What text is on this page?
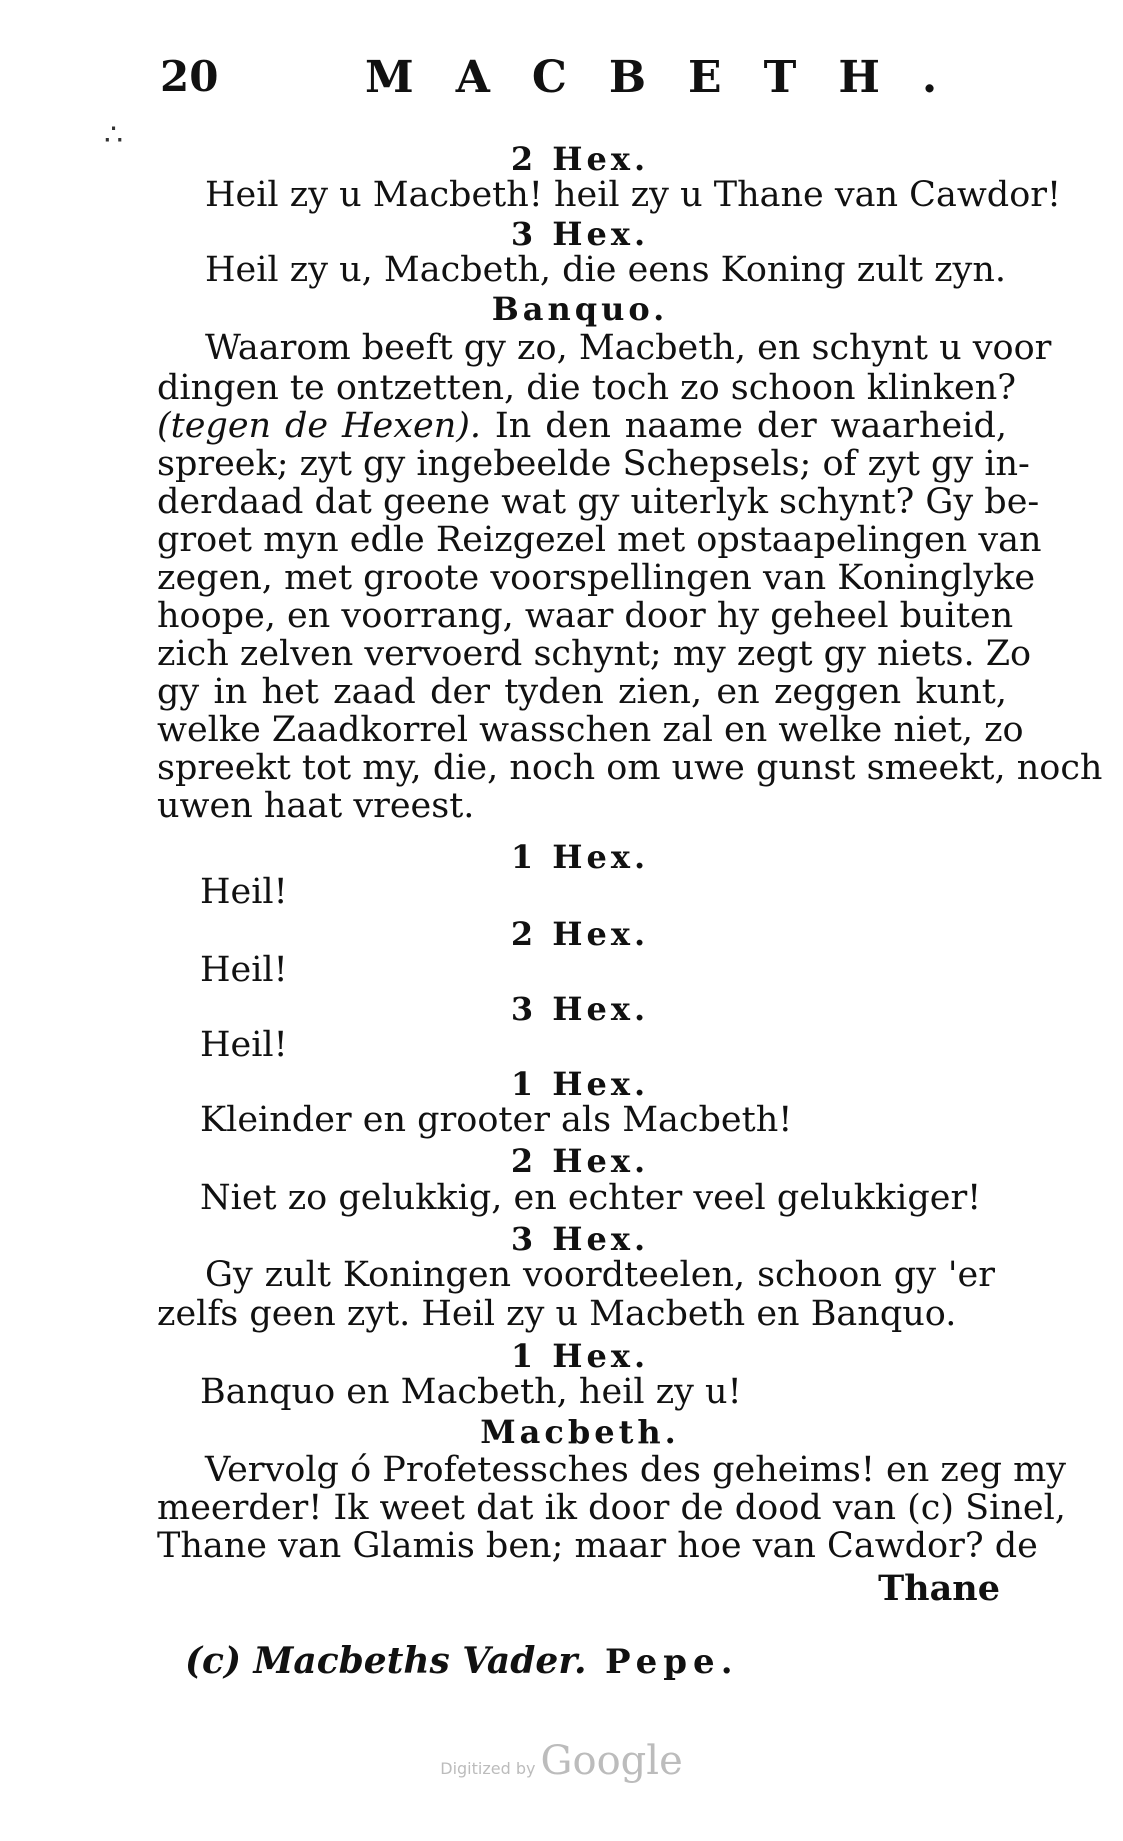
20	MACBETH.
∴
2 Hex.
Heil zy u Macbeth! heil zy u Thane van Cawdor!
3 Hex.
Heil zy u, Macbeth, die eens Koning zult zyn.
Banquo.
Waarom beeft gy zo, Macbeth, en schynt u voor
dingen te ontzetten, die toch zo schoon klinken?
(tegen de Hexen). In den naame der waarheid,
spreek; zyt gy ingebeelde Schepsels; of zyt gy in-
derdaad dat geene wat gy uiterlyk schynt? Gy be-
groet myn edle Reizgezel met opstaapelingen van
zegen, met groote voorspellingen van Koninglyke
hoope, en voorrang, waar door hy geheel buiten
zich zelven vervoerd schynt; my zegt gy niets. Zo
gy in het zaad der tyden zien, en zeggen kunt,
welke Zaadkorrel wasschen zal en welke niet, zo
spreekt tot my, die, noch om uwe gunst smeekt, noch
uwen haat vreest.
1 Hex.
Heil!
2 Hex.
Heil!
3 Hex.
Heil!
1 Hex.
Kleinder en grooter als Macbeth!
2 Hex.
Niet zo gelukkig, en echter veel gelukkiger!
3 Hex.
Gy zult Koningen voordteelen, schoon gy 'er
zelfs geen zyt. Heil zy u Macbeth en Banquo.
1 Hex.
Banquo en Macbeth, heil zy u!
Macbeth.
Vervolg ó Profetessches des geheims! en zeg my
meerder! Ik weet dat ik door de dood van (c) Sinel,
Thane van Glamis ben; maar hoe van Cawdor? de
Thane
(c) Macbeths Vader. Pepe.
Digitized by Google
